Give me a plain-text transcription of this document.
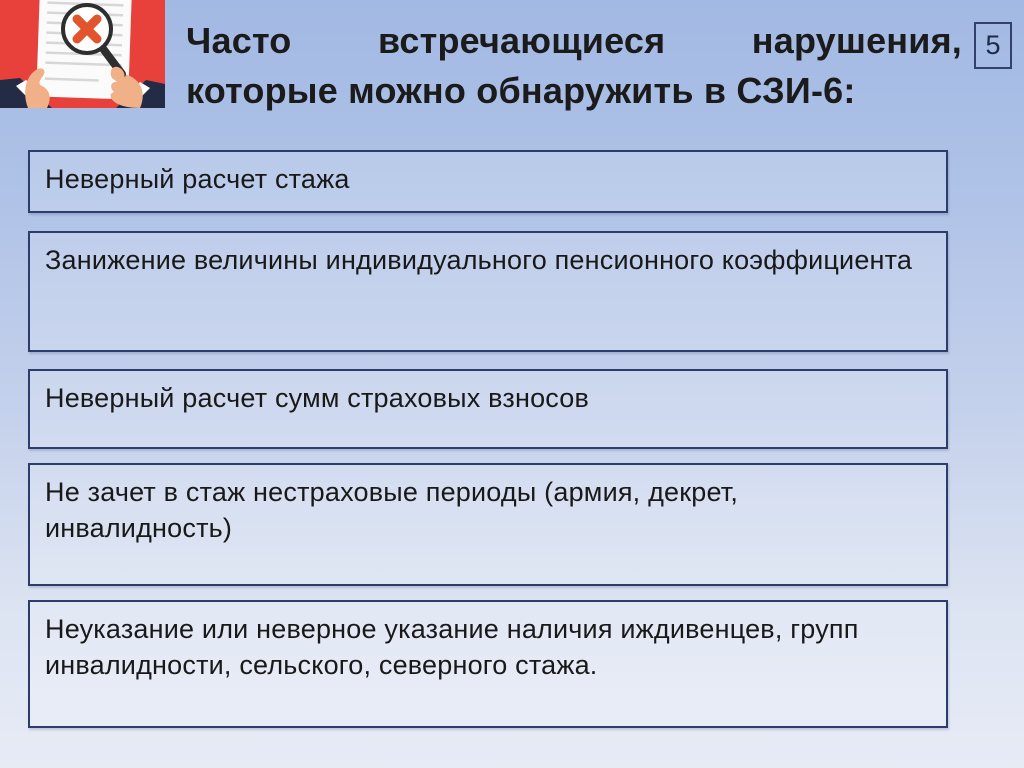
5
Часто встречающиеся нарушения,
которые можно обнаружить в СЗИ-6:
Неверный расчет стажа
Занижение величины индивидуального пенсионного коэффициента
Неверный расчет сумм страховых взносов
Не зачет в стаж нестраховые периоды (армия, декрет, инвалидность)
Неуказание или неверное указание наличия иждивенцев, групп инвалидности, сельского, северного стажа.
